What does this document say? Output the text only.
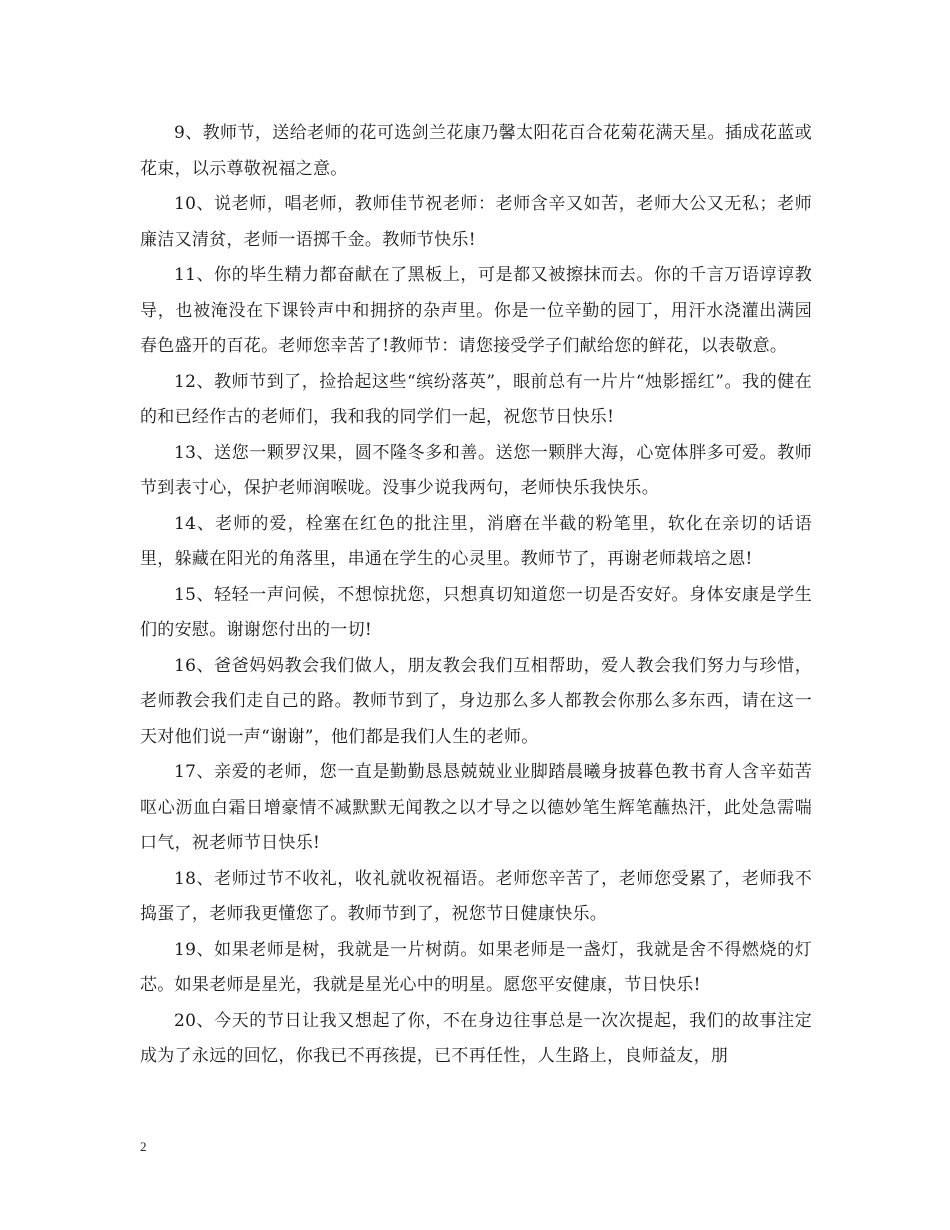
9、教师节，送给老师的花可选剑兰花康乃馨太阳花百合花菊花满天星。插成花蓝或花束，以示尊敬祝福之意。

10、说老师，唱老师，教师佳节祝老师：老师含辛又如苦，老师大公又无私；老师廉洁又清贫，老师一语掷千金。教师节快乐!

11、你的毕生精力都奋献在了黑板上，可是都又被擦抹而去。你的千言万语谆谆教导，也被淹没在下课铃声中和拥挤的杂声里。你是一位辛勤的园丁，用汗水浇灌出满园春色盛开的百花。老师您幸苦了!教师节：请您接受学子们献给您的鲜花，以表敬意。

12、教师节到了，捡拾起这些“缤纷落英”，眼前总有一片片“烛影摇红”。我的健在的和已经作古的老师们，我和我的同学们一起，祝您节日快乐!

13、送您一颗罗汉果，圆不隆冬多和善。送您一颗胖大海，心宽体胖多可爱。教师节到表寸心，保护老师润喉咙。没事少说我两句，老师快乐我快乐。

14、老师的爱，栓塞在红色的批注里，消磨在半截的粉笔里，软化在亲切的话语里，躲藏在阳光的角落里，串通在学生的心灵里。教师节了，再谢老师栽培之恩!

15、轻轻一声问候，不想惊扰您，只想真切知道您一切是否安好。身体安康是学生们的安慰。谢谢您付出的一切!

16、爸爸妈妈教会我们做人，朋友教会我们互相帮助，爱人教会我们努力与珍惜，老师教会我们走自己的路。教师节到了，身边那么多人都教会你那么多东西，请在这一天对他们说一声“谢谢”，他们都是我们人生的老师。

17、亲爱的老师，您一直是勤勤恳恳兢兢业业脚踏晨曦身披暮色教书育人含辛茹苦呕心沥血白霜日增豪情不减默默无闻教之以才导之以德妙笔生辉笔蘸热汗，此处急需喘口气，祝老师节日快乐!

18、老师过节不收礼，收礼就收祝福语。老师您辛苦了，老师您受累了，老师我不捣蛋了，老师我更懂您了。教师节到了，祝您节日健康快乐。

19、如果老师是树，我就是一片树荫。如果老师是一盏灯，我就是舍不得燃烧的灯芯。如果老师是星光，我就是星光心中的明星。愿您平安健康，节日快乐!

20、今天的节日让我又想起了你，不在身边往事总是一次次提起，我们的故事注定成为了永远的回忆，你我已不再孩提，已不再任性，人生路上，良师益友，朋

2
